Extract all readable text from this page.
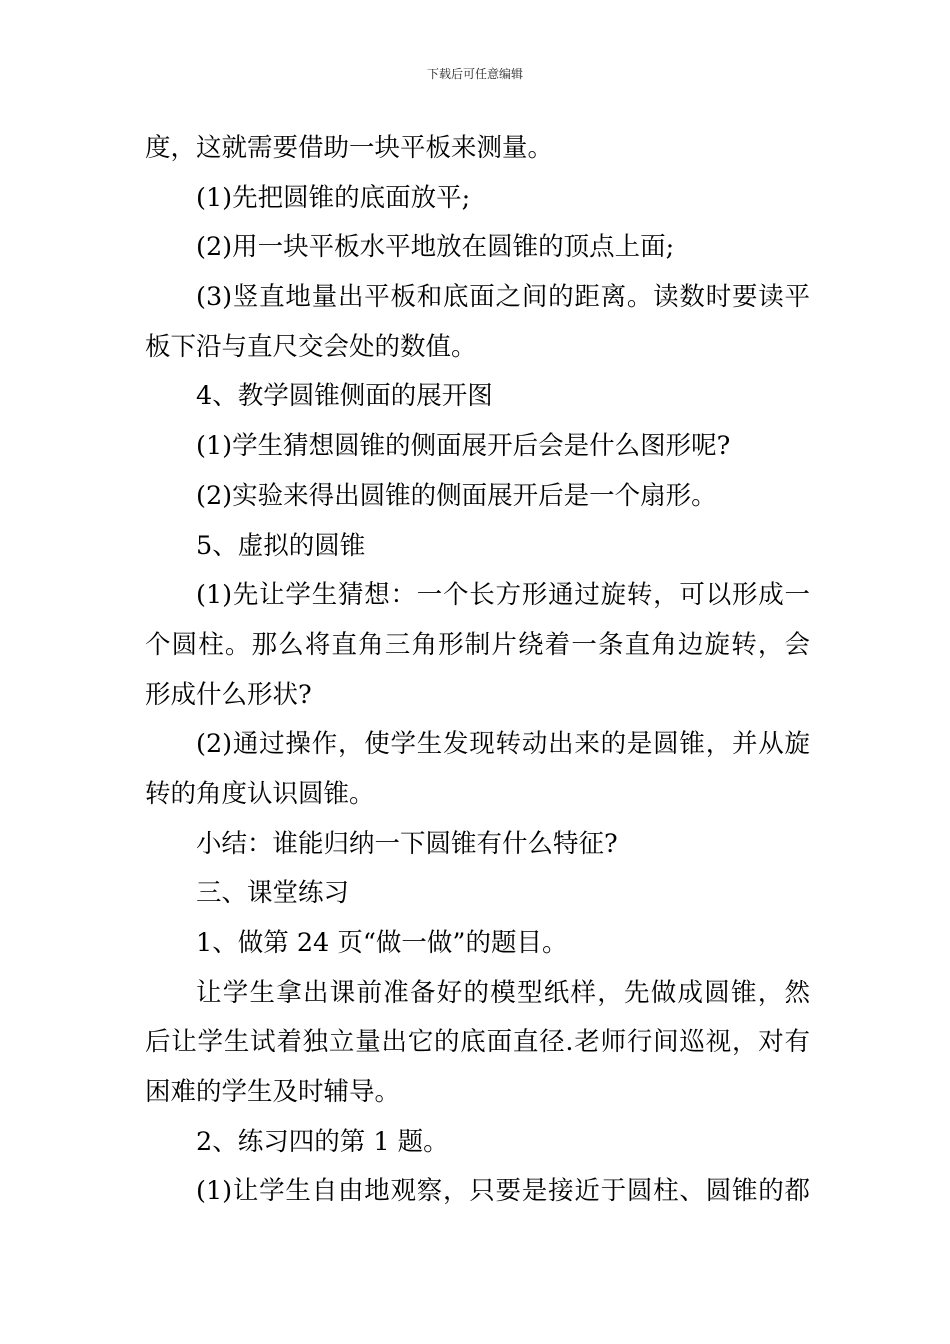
下载后可任意编辑
度，这就需要借助一块平板来测量。
(1)先把圆锥的底面放平;
(2)用一块平板水平地放在圆锥的顶点上面;
(3)竖直地量出平板和底面之间的距离。读数时要读平
板下沿与直尺交会处的数值。
4、教学圆锥侧面的展开图
(1)学生猜想圆锥的侧面展开后会是什么图形呢?
(2)实验来得出圆锥的侧面展开后是一个扇形。
5、虚拟的圆锥
(1)先让学生猜想：一个长方形通过旋转，可以形成一
个圆柱。那么将直角三角形制片绕着一条直角边旋转，会
形成什么形状?
(2)通过操作，使学生发现转动出来的是圆锥，并从旋
转的角度认识圆锥。
小结：谁能归纳一下圆锥有什么特征?
三、课堂练习
1、做第 24 页“做一做”的题目。
让学生拿出课前准备好的模型纸样，先做成圆锥，然
后让学生试着独立量出它的底面直径.老师行间巡视，对有
困难的学生及时辅导。
2、练习四的第 1 题。
(1)让学生自由地观察，只要是接近于圆柱、圆锥的都
